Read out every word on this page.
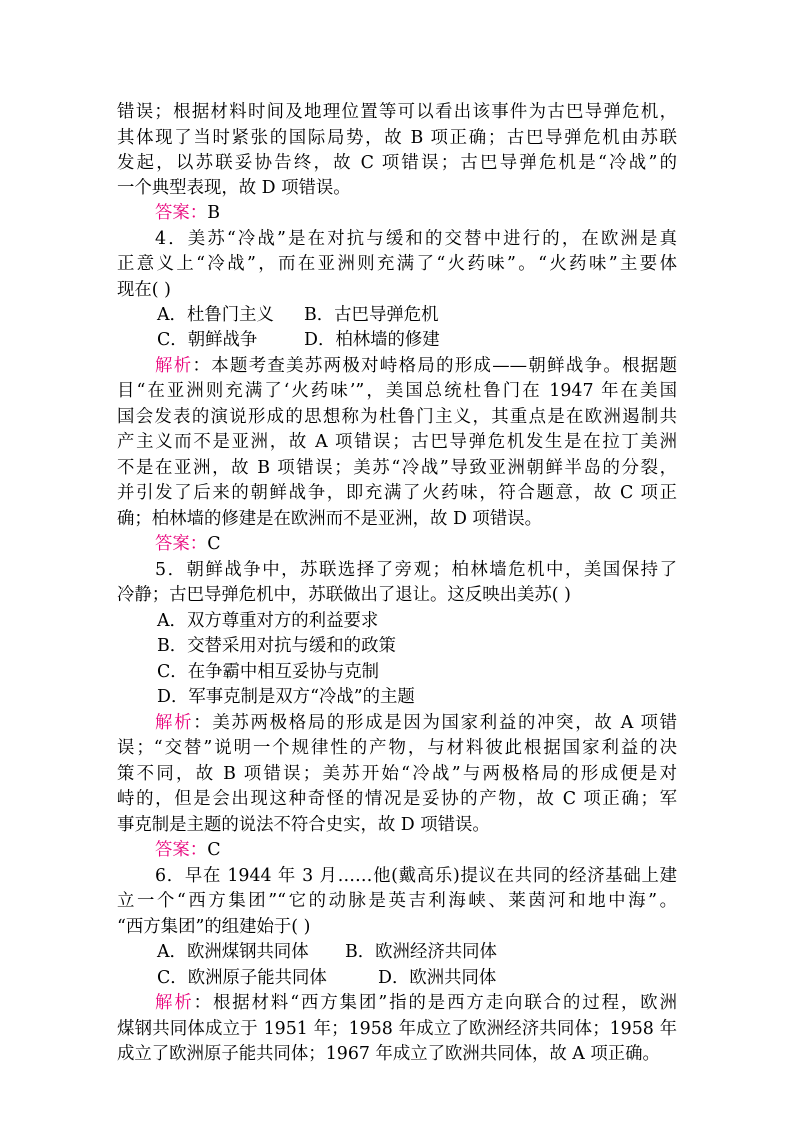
错误；根据材料时间及地理位置等可以看出该事件为古巴导弹危机，
其体现了当时紧张的国际局势，故 B 项正确；古巴导弹危机由苏联
发起，以苏联妥协告终，故 C 项错误；古巴导弹危机是“冷战”的
一个典型表现，故 D 项错误。
答案：B
4．美苏“冷战”是在对抗与缓和的交替中进行的，在欧洲是真
正意义上“冷战”，而在亚洲则充满了“火药味”。“火药味”主要体
现在( )
A．杜鲁门主义 B．古巴导弹危机
C．朝鲜战争	D．柏林墙的修建
解析：本题考查美苏两极对峙格局的形成——朝鲜战争。根据题
目“在亚洲则充满了‘火药味’”，美国总统杜鲁门在 1947 年在美国
国会发表的演说形成的思想称为杜鲁门主义，其重点是在欧洲遏制共
产主义而不是亚洲，故 A 项错误；古巴导弹危机发生是在拉丁美洲
不是在亚洲，故 B 项错误；美苏“冷战”导致亚洲朝鲜半岛的分裂，
并引发了后来的朝鲜战争，即充满了火药味，符合题意，故 C 项正
确；柏林墙的修建是在欧洲而不是亚洲，故 D 项错误。
答案：C
5．朝鲜战争中，苏联选择了旁观；柏林墙危机中，美国保持了
冷静；古巴导弹危机中，苏联做出了退让。这反映出美苏( )
A．双方尊重对方的利益要求
B．交替采用对抗与缓和的政策
C．在争霸中相互妥协与克制
D．军事克制是双方“冷战”的主题
解析：美苏两极格局的形成是因为国家利益的冲突，故 A 项错
误；“交替”说明一个规律性的产物，与材料彼此根据国家利益的决
策不同，故 B 项错误；美苏开始“冷战”与两极格局的形成便是对
峙的，但是会出现这种奇怪的情况是妥协的产物，故 C 项正确；军
事克制是主题的说法不符合史实，故 D 项错误。
答案：C
6．早在 1944 年 3 月……他(戴高乐)提议在共同的经济基础上建
立一个“西方集团”“它的动脉是英吉利海峡、莱茵河和地中海”。
“西方集团”的组建始于( )
A．欧洲煤钢共同体 B．欧洲经济共同体
C．欧洲原子能共同体	D．欧洲共同体
解析：根据材料“西方集团”指的是西方走向联合的过程，欧洲
煤钢共同体成立于 1951 年；1958 年成立了欧洲经济共同体；1958 年
成立了欧洲原子能共同体；1967 年成立了欧洲共同体，故 A 项正确。
